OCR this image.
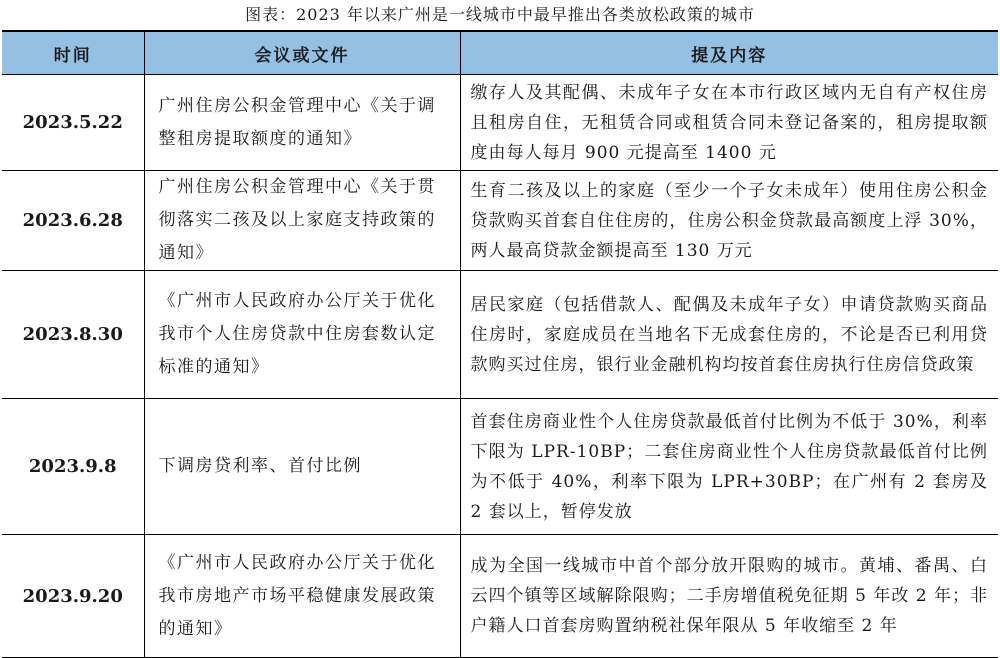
图表：2023 年以来广州是一线城市中最早推出各类放松政策的城市
时间	会议或文件	提及内容
2023.5.22	广州住房公积金管理中心《关于调整租房提取额度的通知》	缴存人及其配偶、未成年子女在本市行政区域内无自有产权住房且租房自住，无租赁合同或租赁合同未登记备案的，租房提取额度由每人每月 900 元提高至 1400 元
2023.6.28	广州住房公积金管理中心《关于贯彻落实二孩及以上家庭支持政策的通知》	生育二孩及以上的家庭（至少一个子女未成年）使用住房公积金贷款购买首套自住住房的，住房公积金贷款最高额度上浮 30%，两人最高贷款金额提高至 130 万元
2023.8.30	《广州市人民政府办公厅关于优化我市个人住房贷款中住房套数认定标准的通知》	居民家庭（包括借款人、配偶及未成年子女）申请贷款购买商品住房时，家庭成员在当地名下无成套住房的，不论是否已利用贷款购买过住房，银行业金融机构均按首套住房执行住房信贷政策
2023.9.8	下调房贷利率、首付比例	首套住房商业性个人住房贷款最低首付比例为不低于 30%，利率下限为 LPR-10BP；二套住房商业性个人住房贷款最低首付比例为不低于 40%，利率下限为 LPR+30BP；在广州有 2 套房及 2 套以上，暂停发放
2023.9.20	《广州市人民政府办公厅关于优化我市房地产市场平稳健康发展政策的通知》	成为全国一线城市中首个部分放开限购的城市。黄埔、番禺、白云四个镇等区域解除限购；二手房增值税免征期 5 年改 2 年；非户籍人口首套房购置纳税社保年限从 5 年收缩至 2 年
